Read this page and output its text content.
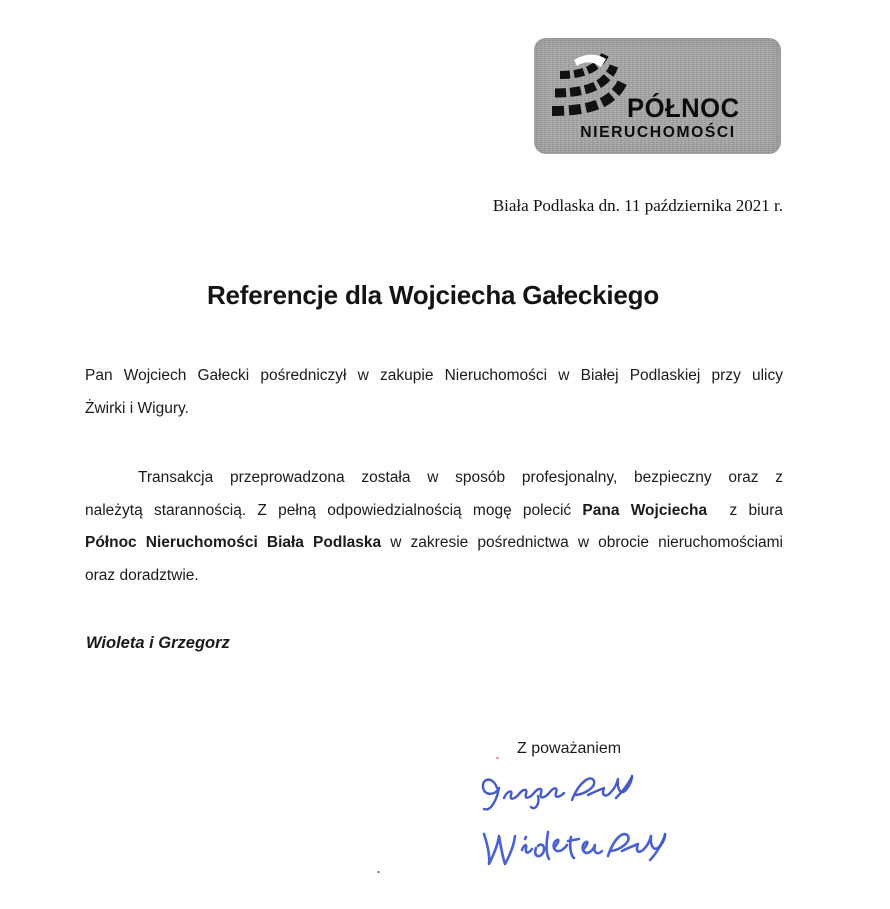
PÓŁNOC
NIERUCHOMOŚCI
Biała Podlaska dn. 11 października 2021 r.
Referencje dla Wojciecha Gałeckiego
Pan Wojciech Gałecki pośredniczył w zakupie Nieruchomości w Białej Podlaskiej przy ulicy
Żwirki i Wigury.
Transakcja przeprowadzona została w sposób profesjonalny, bezpieczny oraz z
należytą starannością. Z pełną odpowiedzialnością mogę polecić Pana Wojciecha  z biura
Północ Nieruchomości Biała Podlaska w zakresie pośrednictwa w obrocie nieruchomościami
oraz doradztwie.
Wioleta i Grzegorz
Z poważaniem
